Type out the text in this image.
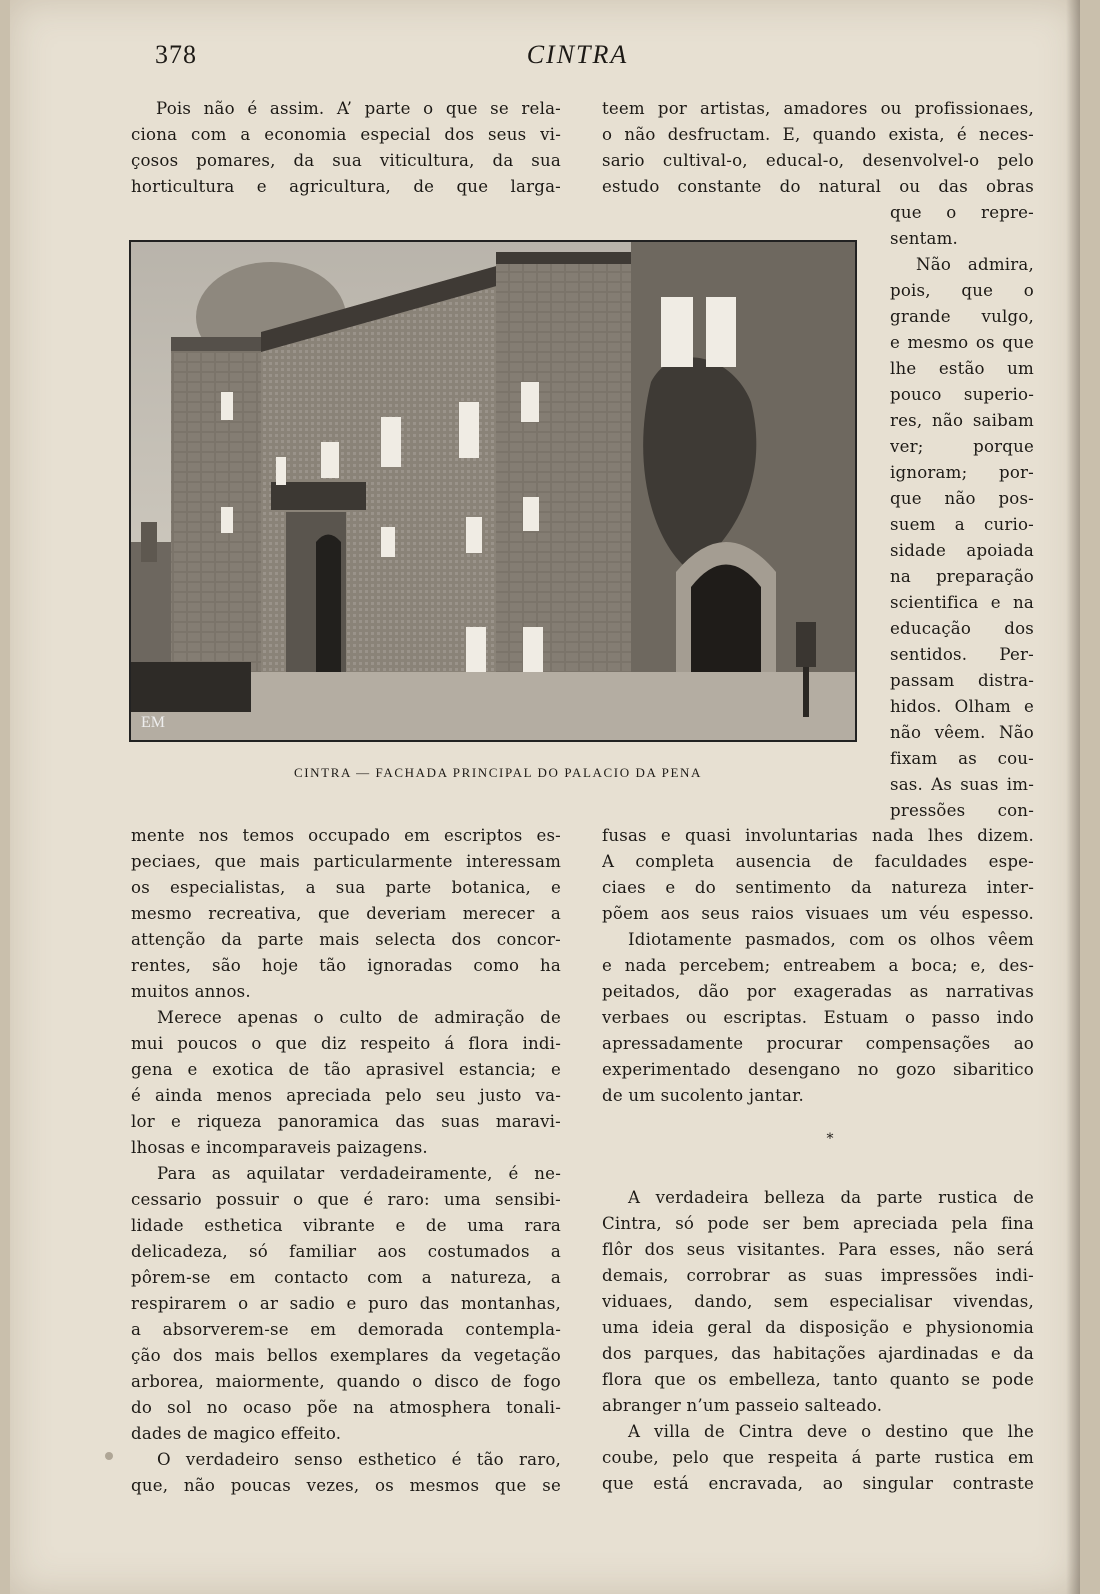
378	CINTRA
Pois não é assim. A’ parte o que se rela-
ciona com a economia especial dos seus vi-
çosos pomares, da sua viticultura, da sua
horticultura e agricultura, de que larga-
teem por artistas, amadores ou profissionaes,
o não desfructam. E, quando exista, é neces-
sario cultival-o, educal-o, desenvolvel-o pelo
estudo constante do natural ou das obras
EM
CINTRA — FACHADA PRINCIPAL DO PALACIO DA PENA
que o repre-
sentam.
Não admira,
pois, que o
grande vulgo,
e mesmo os que
lhe estão um
pouco superio-
res, não saibam
ver; porque
ignoram; por-
que não pos-
suem a curio-
sidade apoiada
na preparação
scientifica e na
educação dos
sentidos. Per-
passam distra-
hidos. Olham e
não vêem. Não
fixam as cou-
sas. As suas im-
pressões con-
mente nos temos occupado em escriptos es-
peciaes, que mais particularmente interessam
os especialistas, a sua parte botanica, e
mesmo recreativa, que deveriam merecer a
attenção da parte mais selecta dos concor-
rentes, são hoje tão ignoradas como ha
muitos annos.
Merece apenas o culto de admiração de
mui poucos o que diz respeito á flora indi-
gena e exotica de tão aprasivel estancia; e
é ainda menos apreciada pelo seu justo va-
lor e riqueza panoramica das suas maravi-
lhosas e incomparaveis paizagens.
Para as aquilatar verdadeiramente, é ne-
cessario possuir o que é raro: uma sensibi-
lidade esthetica vibrante e de uma rara
delicadeza, só familiar aos costumados a
pôrem-se em contacto com a natureza, a
respirarem o ar sadio e puro das montanhas,
a absorverem-se em demorada contemplа-
ção dos mais bellos exemplares da vegetação
arborea, maiormente, quando o disco de fogo
do sol no ocaso põe na atmosphera tonali-
dades de magico effeito.
O verdadeiro senso esthetico é tão raro,
que, não poucas vezes, os mesmos que se
fusas e quasi involuntarias nada lhes dizem.
A completa ausencia de faculdades espe-
ciaes e do sentimento da natureza inter-
põem aos seus raios visuaes um véu espesso.
Idiotamente pasmados, com os olhos vêem
e nada percebem; entreabem a boca; e, des-
peitados, dão por exageradas as narrativas
verbaes ou escriptas. Estuam o passo indo
apressadamente procurar compensações ao
experimentado desengano no gozo sibaritico
de um sucolento jantar.
*
A verdadeira belleza da parte rustica de
Cintra, só pode ser bem apreciada pela fina
flôr dos seus visitantes. Para esses, não será
demais, corrobrar as suas impressões indi-
viduaes, dando, sem especialisar vivendas,
uma ideia geral da disposição e physionomia
dos parques, das habitações ajardinadas e da
flora que os embelleza, tanto quanto se pode
abranger n’um passeio salteado.
A villa de Cintra deve o destino que lhe
coube, pelo que respeita á parte rustica em
que está encravada, ao singular contraste
